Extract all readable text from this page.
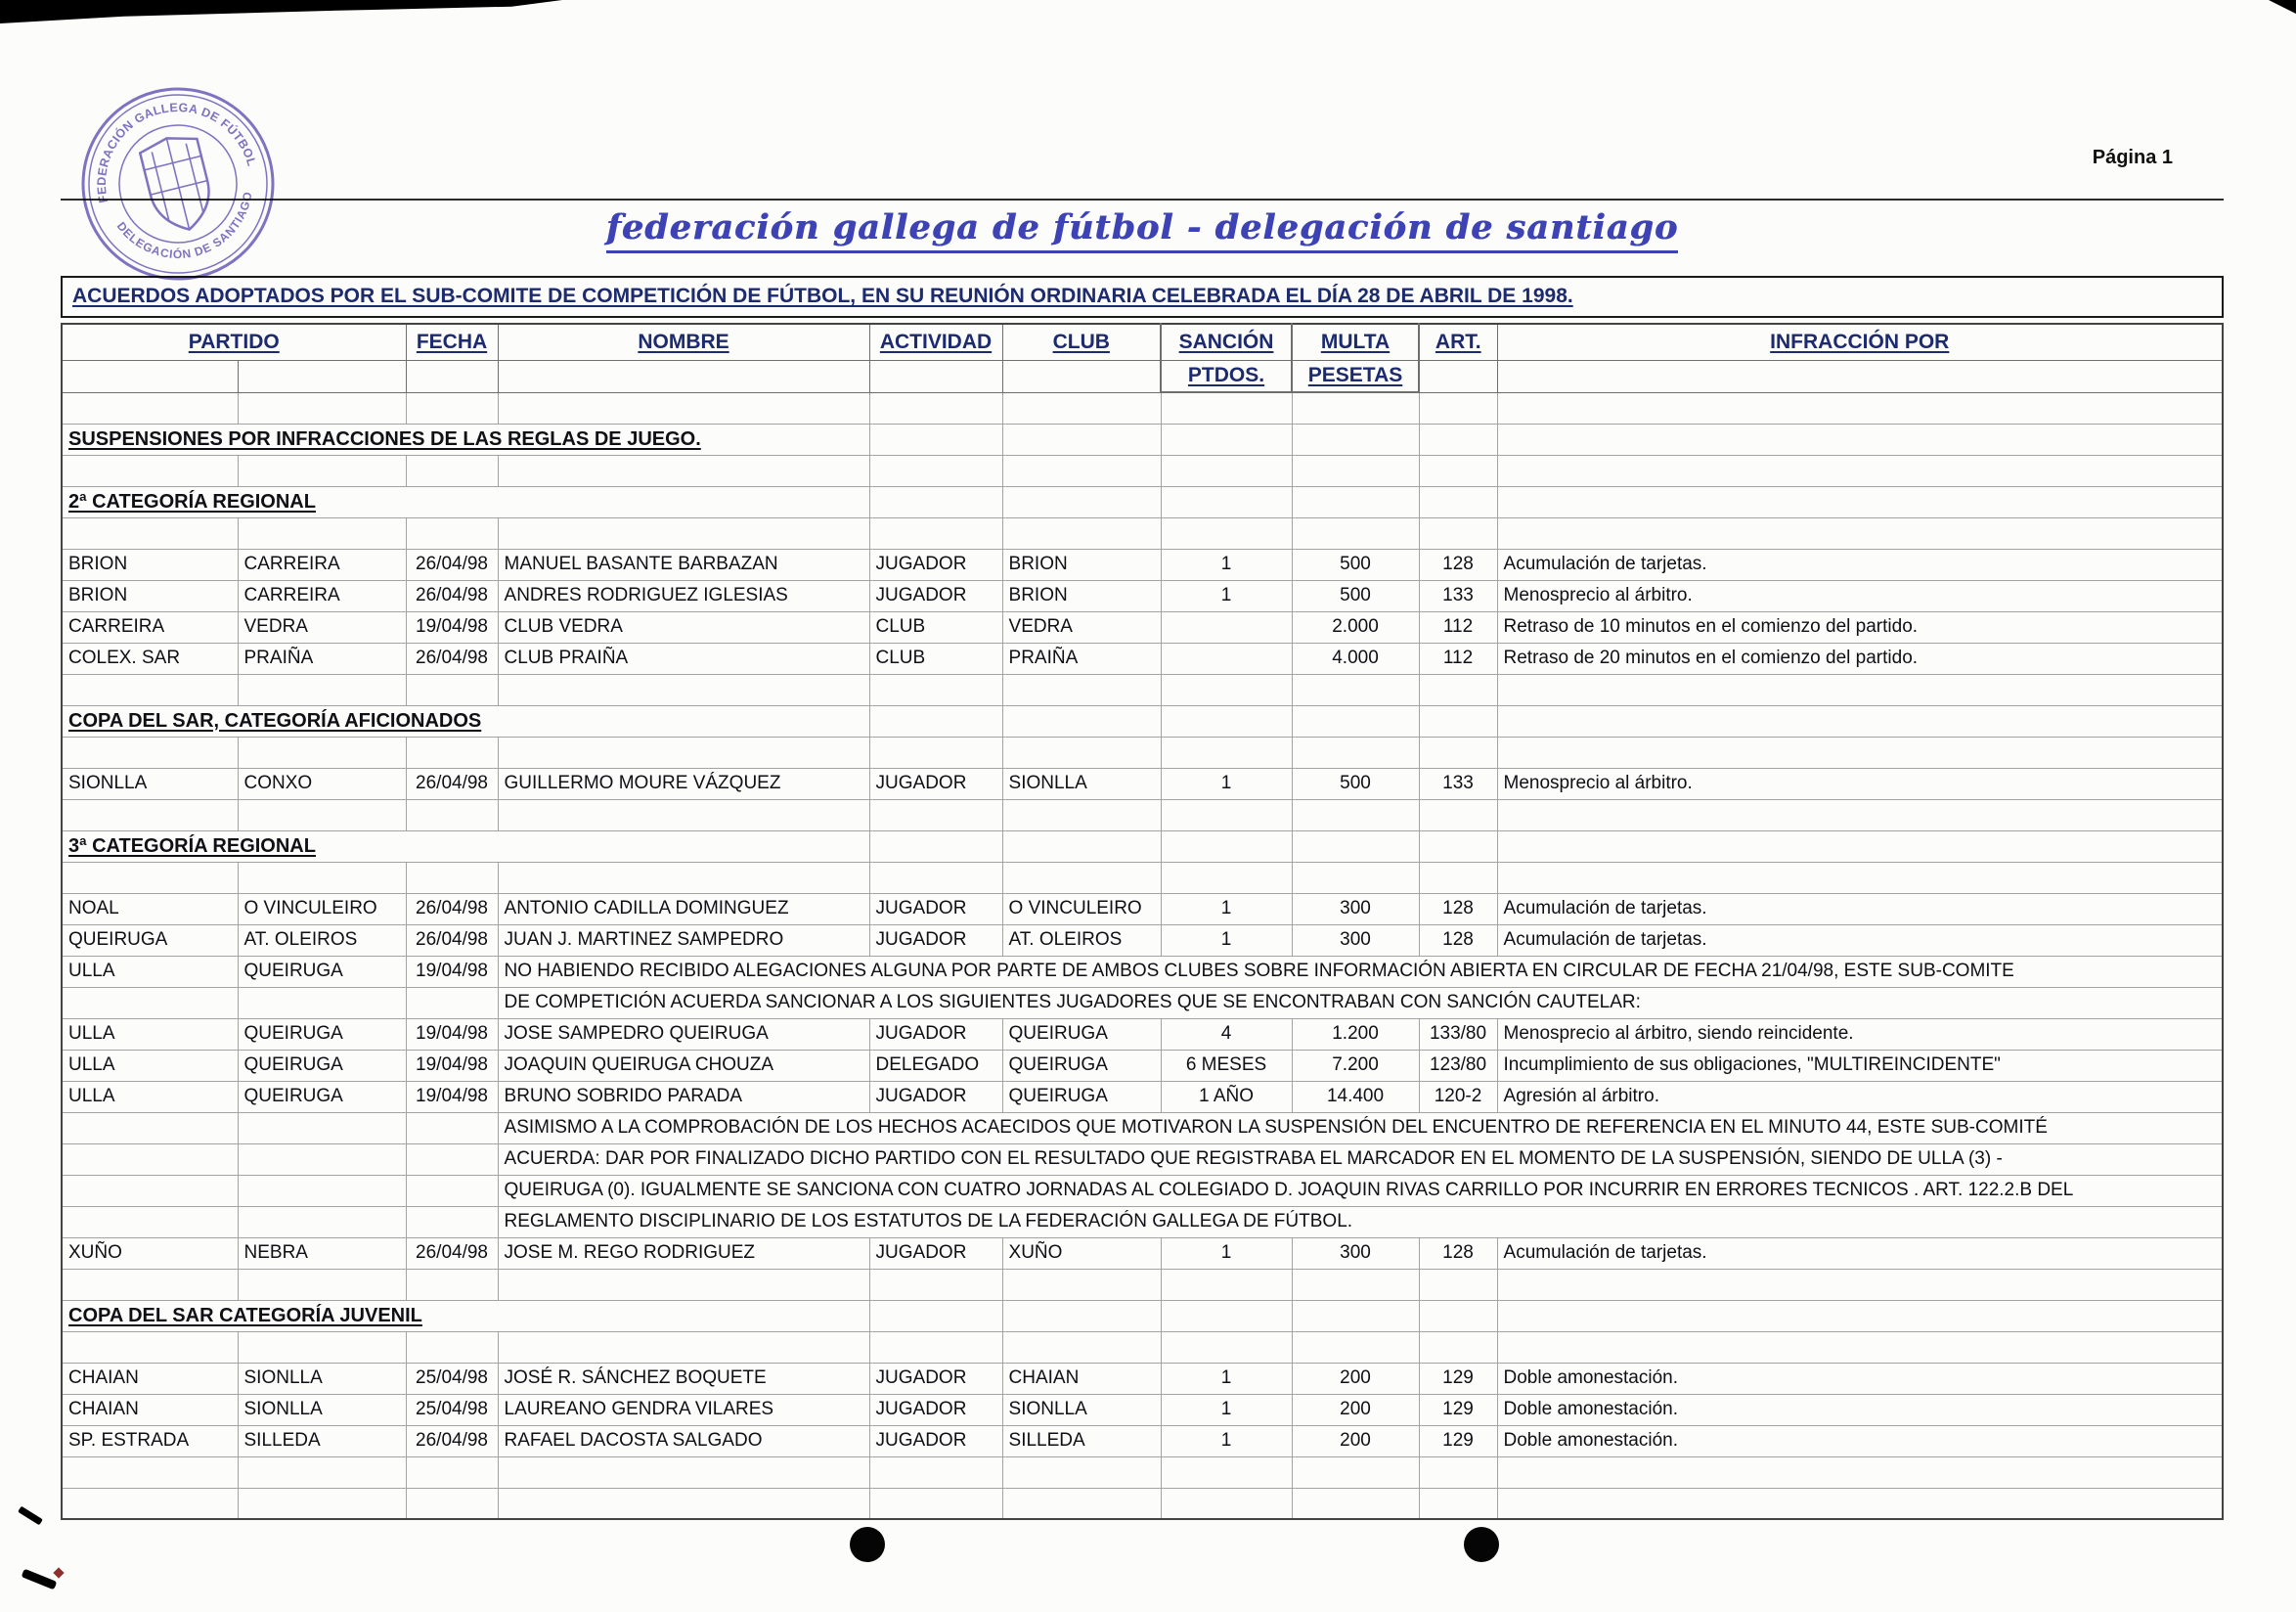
Página 1
FEDERACIÓN GALLEGA DE FÚTBOL
DELEGACIÓN DE SANTIAGO
federación gallega de fútbol - delegación de santiago
ACUERDOS ADOPTADOS POR EL SUB-COMITE DE COMPETICIÓN DE FÚTBOL, EN SU REUNIÓN ORDINARIA CELEBRADA EL DÍA 28 DE ABRIL DE 1998.
PARTIDO		FECHA	NOMBRE	ACTIVIDAD	CLUB	SANCIÓN	MULTA	ART.	INFRACCIÓN POR
						PTDOS.	PESETAS		

SUSPENSIONES POR INFRACCIONES DE LAS REGLAS DE JUEGO.									

2ª CATEGORÍA REGIONAL									

BRION	CARREIRA	26/04/98	MANUEL BASANTE BARBAZAN	JUGADOR	BRION	1	500	128	Acumulación de tarjetas.
BRION	CARREIRA	26/04/98	ANDRES RODRIGUEZ IGLESIAS	JUGADOR	BRION	1	500	133	Menosprecio al árbitro.
CARREIRA	VEDRA	19/04/98	CLUB VEDRA	CLUB	VEDRA		2.000	112	Retraso de 10 minutos en el comienzo del partido.
COLEX. SAR	PRAIÑA	26/04/98	CLUB PRAIÑA	CLUB	PRAIÑA		4.000	112	Retraso de 20 minutos en el comienzo del partido.

COPA DEL SAR, CATEGORÍA AFICIONADOS									

SIONLLA	CONXO	26/04/98	GUILLERMO MOURE VÁZQUEZ	JUGADOR	SIONLLA	1	500	133	Menosprecio al árbitro.

3ª CATEGORÍA REGIONAL									

NOAL	O VINCULEIRO	26/04/98	ANTONIO CADILLA DOMINGUEZ	JUGADOR	O VINCULEIRO	1	300	128	Acumulación de tarjetas.
QUEIRUGA	AT. OLEIROS	26/04/98	JUAN J. MARTINEZ SAMPEDRO	JUGADOR	AT. OLEIROS	1	300	128	Acumulación de tarjetas.
ULLA	QUEIRUGA	19/04/98	NO HABIENDO RECIBIDO ALEGACIONES ALGUNA POR PARTE DE AMBOS CLUBES SOBRE INFORMACIÓN ABIERTA EN CIRCULAR DE FECHA 21/04/98, ESTE SUB-COMITE						
			DE COMPETICIÓN ACUERDA SANCIONAR A LOS SIGUIENTES JUGADORES QUE SE ENCONTRABAN CON SANCIÓN CAUTELAR:						
ULLA	QUEIRUGA	19/04/98	JOSE SAMPEDRO QUEIRUGA	JUGADOR	QUEIRUGA	4	1.200	133/80	Menosprecio al árbitro, siendo reincidente.
ULLA	QUEIRUGA	19/04/98	JOAQUIN QUEIRUGA CHOUZA	DELEGADO	QUEIRUGA	6 MESES	7.200	123/80	Incumplimiento de sus obligaciones, "MULTIREINCIDENTE"
ULLA	QUEIRUGA	19/04/98	BRUNO SOBRIDO PARADA	JUGADOR	QUEIRUGA	1 AÑO	14.400	120-2	Agresión al árbitro.
			ASIMISMO A LA COMPROBACIÓN DE LOS HECHOS ACAECIDOS QUE MOTIVARON LA SUSPENSIÓN DEL ENCUENTRO DE REFERENCIA EN EL MINUTO 44, ESTE SUB-COMITÉ						
			ACUERDA: DAR POR FINALIZADO DICHO PARTIDO CON EL RESULTADO QUE REGISTRABA EL MARCADOR EN EL MOMENTO DE LA SUSPENSIÓN, SIENDO DE ULLA (3) -						
			QUEIRUGA (0). IGUALMENTE SE SANCIONA CON CUATRO JORNADAS AL COLEGIADO D. JOAQUIN RIVAS CARRILLO POR INCURRIR EN ERRORES TECNICOS . ART. 122.2.B DEL						
			REGLAMENTO DISCIPLINARIO DE LOS ESTATUTOS DE LA FEDERACIÓN GALLEGA DE FÚTBOL.						
XUÑO	NEBRA	26/04/98	JOSE M. REGO RODRIGUEZ	JUGADOR	XUÑO	1	300	128	Acumulación de tarjetas.

COPA DEL SAR CATEGORÍA JUVENIL									

CHAIAN	SIONLLA	25/04/98	JOSÉ R. SÁNCHEZ BOQUETE	JUGADOR	CHAIAN	1	200	129	Doble amonestación.
CHAIAN	SIONLLA	25/04/98	LAUREANO GENDRA VILARES	JUGADOR	SIONLLA	1	200	129	Doble amonestación.
SP. ESTRADA	SILLEDA	26/04/98	RAFAEL DACOSTA SALGADO	JUGADOR	SILLEDA	1	200	129	Doble amonestación.
